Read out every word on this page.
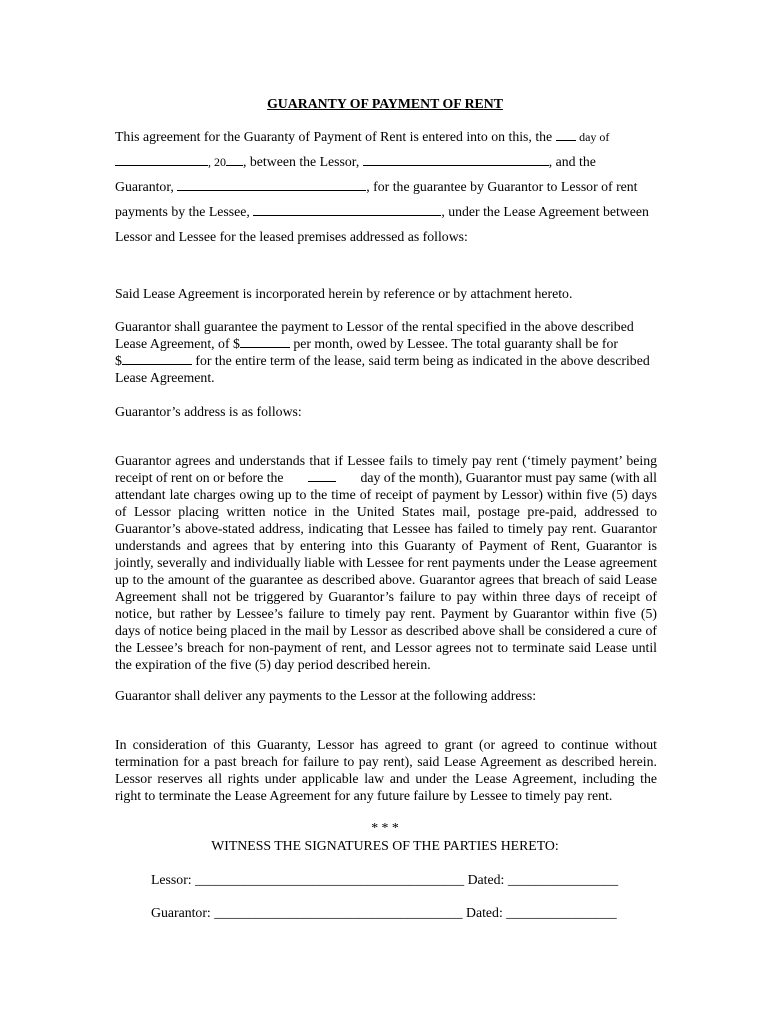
GUARANTY OF PAYMENT OF RENT
This agreement for the Guaranty of Payment of Rent is entered into on this, the day of
, 20 , between the Lessor,	, and the
Guarantor,	, for the guarantee by Guarantor to Lessor of rent
payments by the Lessee,	, under the Lease Agreement between
Lessor and Lessee for the leased premises addressed as follows:
Said Lease Agreement is incorporated herein by reference or by attachment hereto.
Guarantor shall guarantee the payment to Lessor of the rental specified in the above described
Lease Agreement, of $	per month, owed by Lessee. The total guaranty shall be for
$	for the entire term of the lease, said term being as indicated in the above described
Lease Agreement.
Guarantor’s address is as follows:
Guarantor agrees and understands that if Lessee fails to timely pay rent (‘timely payment’ being
receipt of rent on or before the	day of the month), Guarantor must pay same (with all
attendant late charges owing up to the time of receipt of payment by Lessor) within five (5) days of Lessor placing written notice in the United States mail, postage pre-paid, addressed to Guarantor’s above-stated address, indicating that Lessee has failed to timely pay rent. Guarantor understands and agrees that by entering into this Guaranty of Payment of Rent, Guarantor is jointly, severally and individually liable with Lessee for rent payments under the Lease agreement up to the amount of the guarantee as described above. Guarantor agrees that breach of said Lease Agreement shall not be triggered by Guarantor’s failure to pay within three days of receipt of notice, but rather by Lessee’s failure to timely pay rent. Payment by Guarantor within five (5) days of notice being placed in the mail by Lessor as described above shall be considered a cure of the Lessee’s breach for non-payment of rent, and Lessor agrees not to terminate said Lease until the expiration of the five (5) day period described herein.
Guarantor shall deliver any payments to the Lessor at the following address:
In consideration of this Guaranty, Lessor has agreed to grant (or agreed to continue without termination for a past breach for failure to pay rent), said Lease Agreement as described herein. Lessor reserves all rights under applicable law and under the Lease Agreement, including the right to terminate the Lease Agreement for any future failure by Lessee to timely pay rent.
* * *
WITNESS THE SIGNATURES OF THE PARTIES HERETO:
Lessor: _______________________________________ Dated: ________________
Guarantor: ____________________________________ Dated: ________________
